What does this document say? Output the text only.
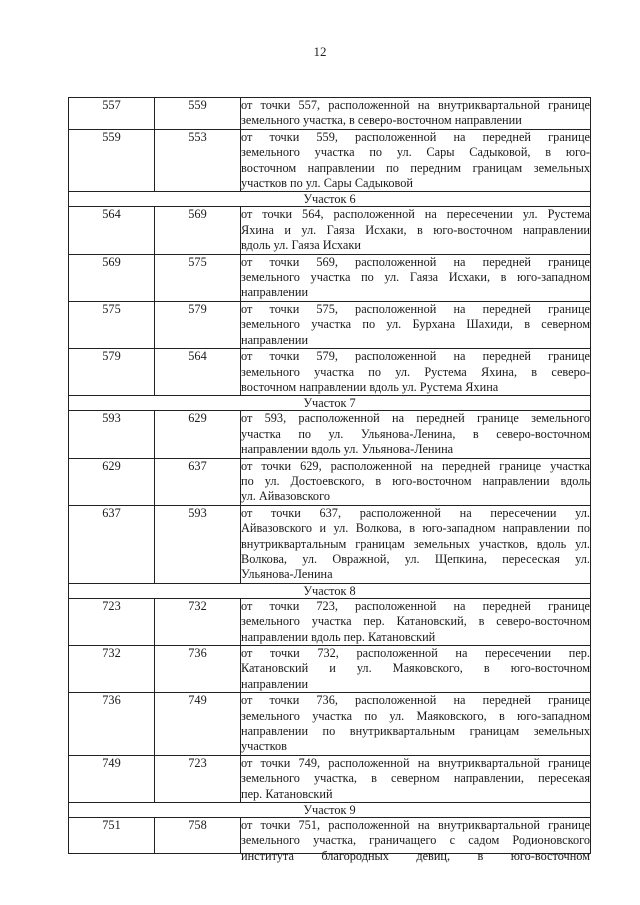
12
557	559	от точки 557, расположенной на внутриквартальной границе
земельного участка, в северо-восточном направлении

559	553	от точки 559, расположенной на передней границе
земельного участка по ул. Сары Садыковой, в юго-
восточном направлении по передним границам земельных
участков по ул. Сары Садыковой

Участок 6		
564	569	от точки 564, расположенной на пересечении ул. Рустема
Яхина и ул. Гаяза Исхаки, в юго-восточном направлении
вдоль ул. Гаяза Исхаки

569	575	от точки 569, расположенной на передней границе
земельного участка по ул. Гаяза Исхаки, в юго-западном
направлении

575	579	от точки 575, расположенной на передней границе
земельного участка по ул. Бурхана Шахиди, в северном
направлении

579	564	от точки 579, расположенной на передней границе
земельного участка по ул. Рустема Яхина, в северо-
восточном направлении вдоль ул. Рустема Яхина

Участок 7		
593	629	от 593, расположенной на передней границе земельного
участка по ул. Ульянова-Ленина, в северо-восточном
направлении вдоль ул. Ульянова-Ленина

629	637	от точки 629, расположенной на передней границе участка
по ул. Достоевского, в юго-восточном направлении вдоль
ул. Айвазовского

637	593	от точки 637, расположенной на пересечении ул.
Айвазовского и ул. Волкова, в юго-западном направлении по
внутриквартальным границам земельных участков, вдоль ул.
Волкова, ул. Овражной, ул. Щепкина, пересеская ул.
Ульянова-Ленина

Участок 8		
723	732	от точки 723, расположенной на передней границе
земельного участка пер. Катановский, в северо-восточном
направлении вдоль пер. Катановский

732	736	от точки 732, расположенной на пересечении пер.
Катановский и ул. Маяковского, в юго-восточном
направлении

736	749	от точки 736, расположенной на передней границе
земельного участка по ул. Маяковского, в юго-западном
направлении по внутриквартальным границам земельных
участков

749	723	от точки 749, расположенной на внутриквартальной границе
земельного участка, в северном направлении, пересекая
пер. Катановский

Участок 9		
751	758	от точки 751, расположенной на внутриквартальной границе
земельного участка, граничащего с садом Родионовского
института благородных девиц, в юго-восточном
